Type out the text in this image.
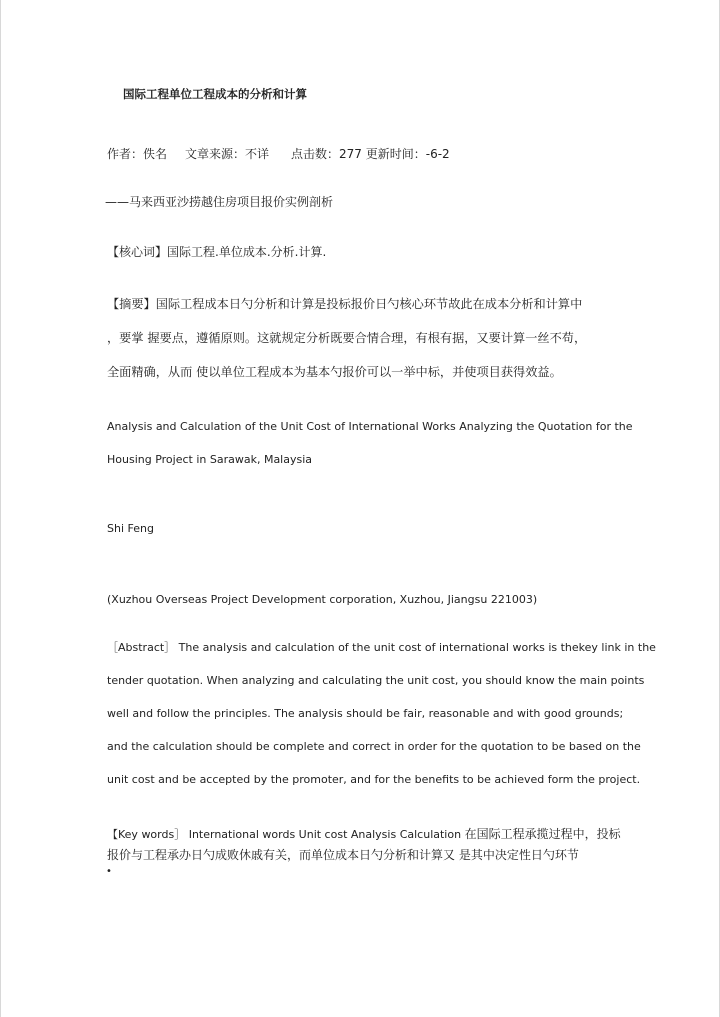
国际工程单位工程成本的分析和计算
作者：佚名 文章来源：不详 点击数：277 更新时间：-6-2
——马来西亚沙捞越住房项目报价实例剖析
【核心词】国际工程.单位成本.分析.计算.
【摘要】国际工程成本日勺分析和计算是投标报价日勺核心环节故此在成本分析和计算中
，要掌 握要点，遵循原则。这就规定分析既要合情合理，有根有据，又要计算一丝不苟，
全面精确，从而 使以单位工程成本为基本勺报价可以一举中标，并使项目获得效益。
Analysis and Calculation of the Unit Cost of International Works Analyzing the Quotation for the
Housing Project in Sarawak, Malaysia
Shi Feng
(Xuzhou Overseas Project Development corporation, Xuzhou, Jiangsu 221003)
［Abstract］ The analysis and calculation of the unit cost of international works is thekey link in the
tender quotation. When analyzing and calculating the unit cost, you should know the main points
well and follow the principles. The analysis should be fair, reasonable and with good grounds;
and the calculation should be complete and correct in order for the quotation to be based on the
unit cost and be accepted by the promoter, and for the benefits to be achieved form the project.
【Key words］ International words Unit cost Analysis Calculation 在国际工程承揽过程中，投标
报价与工程承办日勺成败休戚有关，而单位成本日勺分析和计算又 是其中决定性日勺环节
•
